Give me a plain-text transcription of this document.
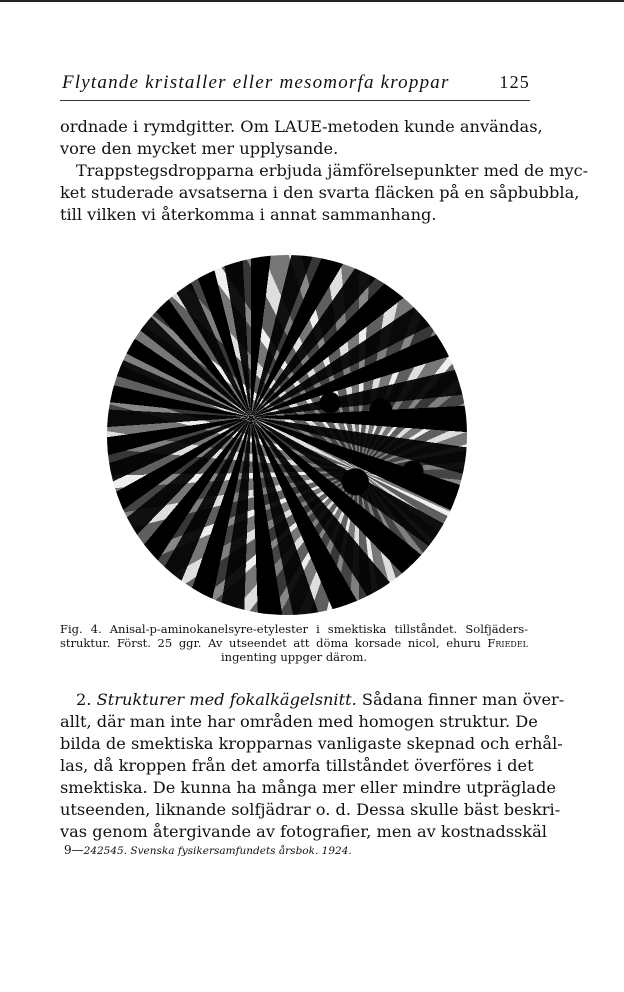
Flytande kristaller eller mesomorfa kroppar	125
ordnade i rymdgitter. Om LAUE-metoden kunde användas,
vore den mycket mer upplysande.
Trappstegsdropparna erbjuda jämförelsepunkter med de myc-
ket studerade avsatserna i den svarta fläcken på en såpbubbla,
till vilken vi återkomma i annat sammanhang.
Fig. 4. Anisal-p-aminokanelsyre-etylester i smektiska tillståndet. Solfjäders-
struktur. Först. 25 ggr. Av utseendet att döma korsade nicol, ehuru Friedel
ingenting uppger därom.
2. Strukturer med fokalkägelsnitt. Sådana finner man över-
allt, där man inte har områden med homogen struktur. De
bilda de smektiska kropparnas vanligaste skepnad och erhål-
las, då kroppen från det amorfa tillståndet överföres i det
smektiska. De kunna ha många mer eller mindre utpräglade
utseenden, liknande solfjädrar o. d. Dessa skulle bäst beskri-
vas genom återgivande av fotografier, men av kostnadsskäl
9—242545. Svenska fysikersamfundets årsbok. 1924.
